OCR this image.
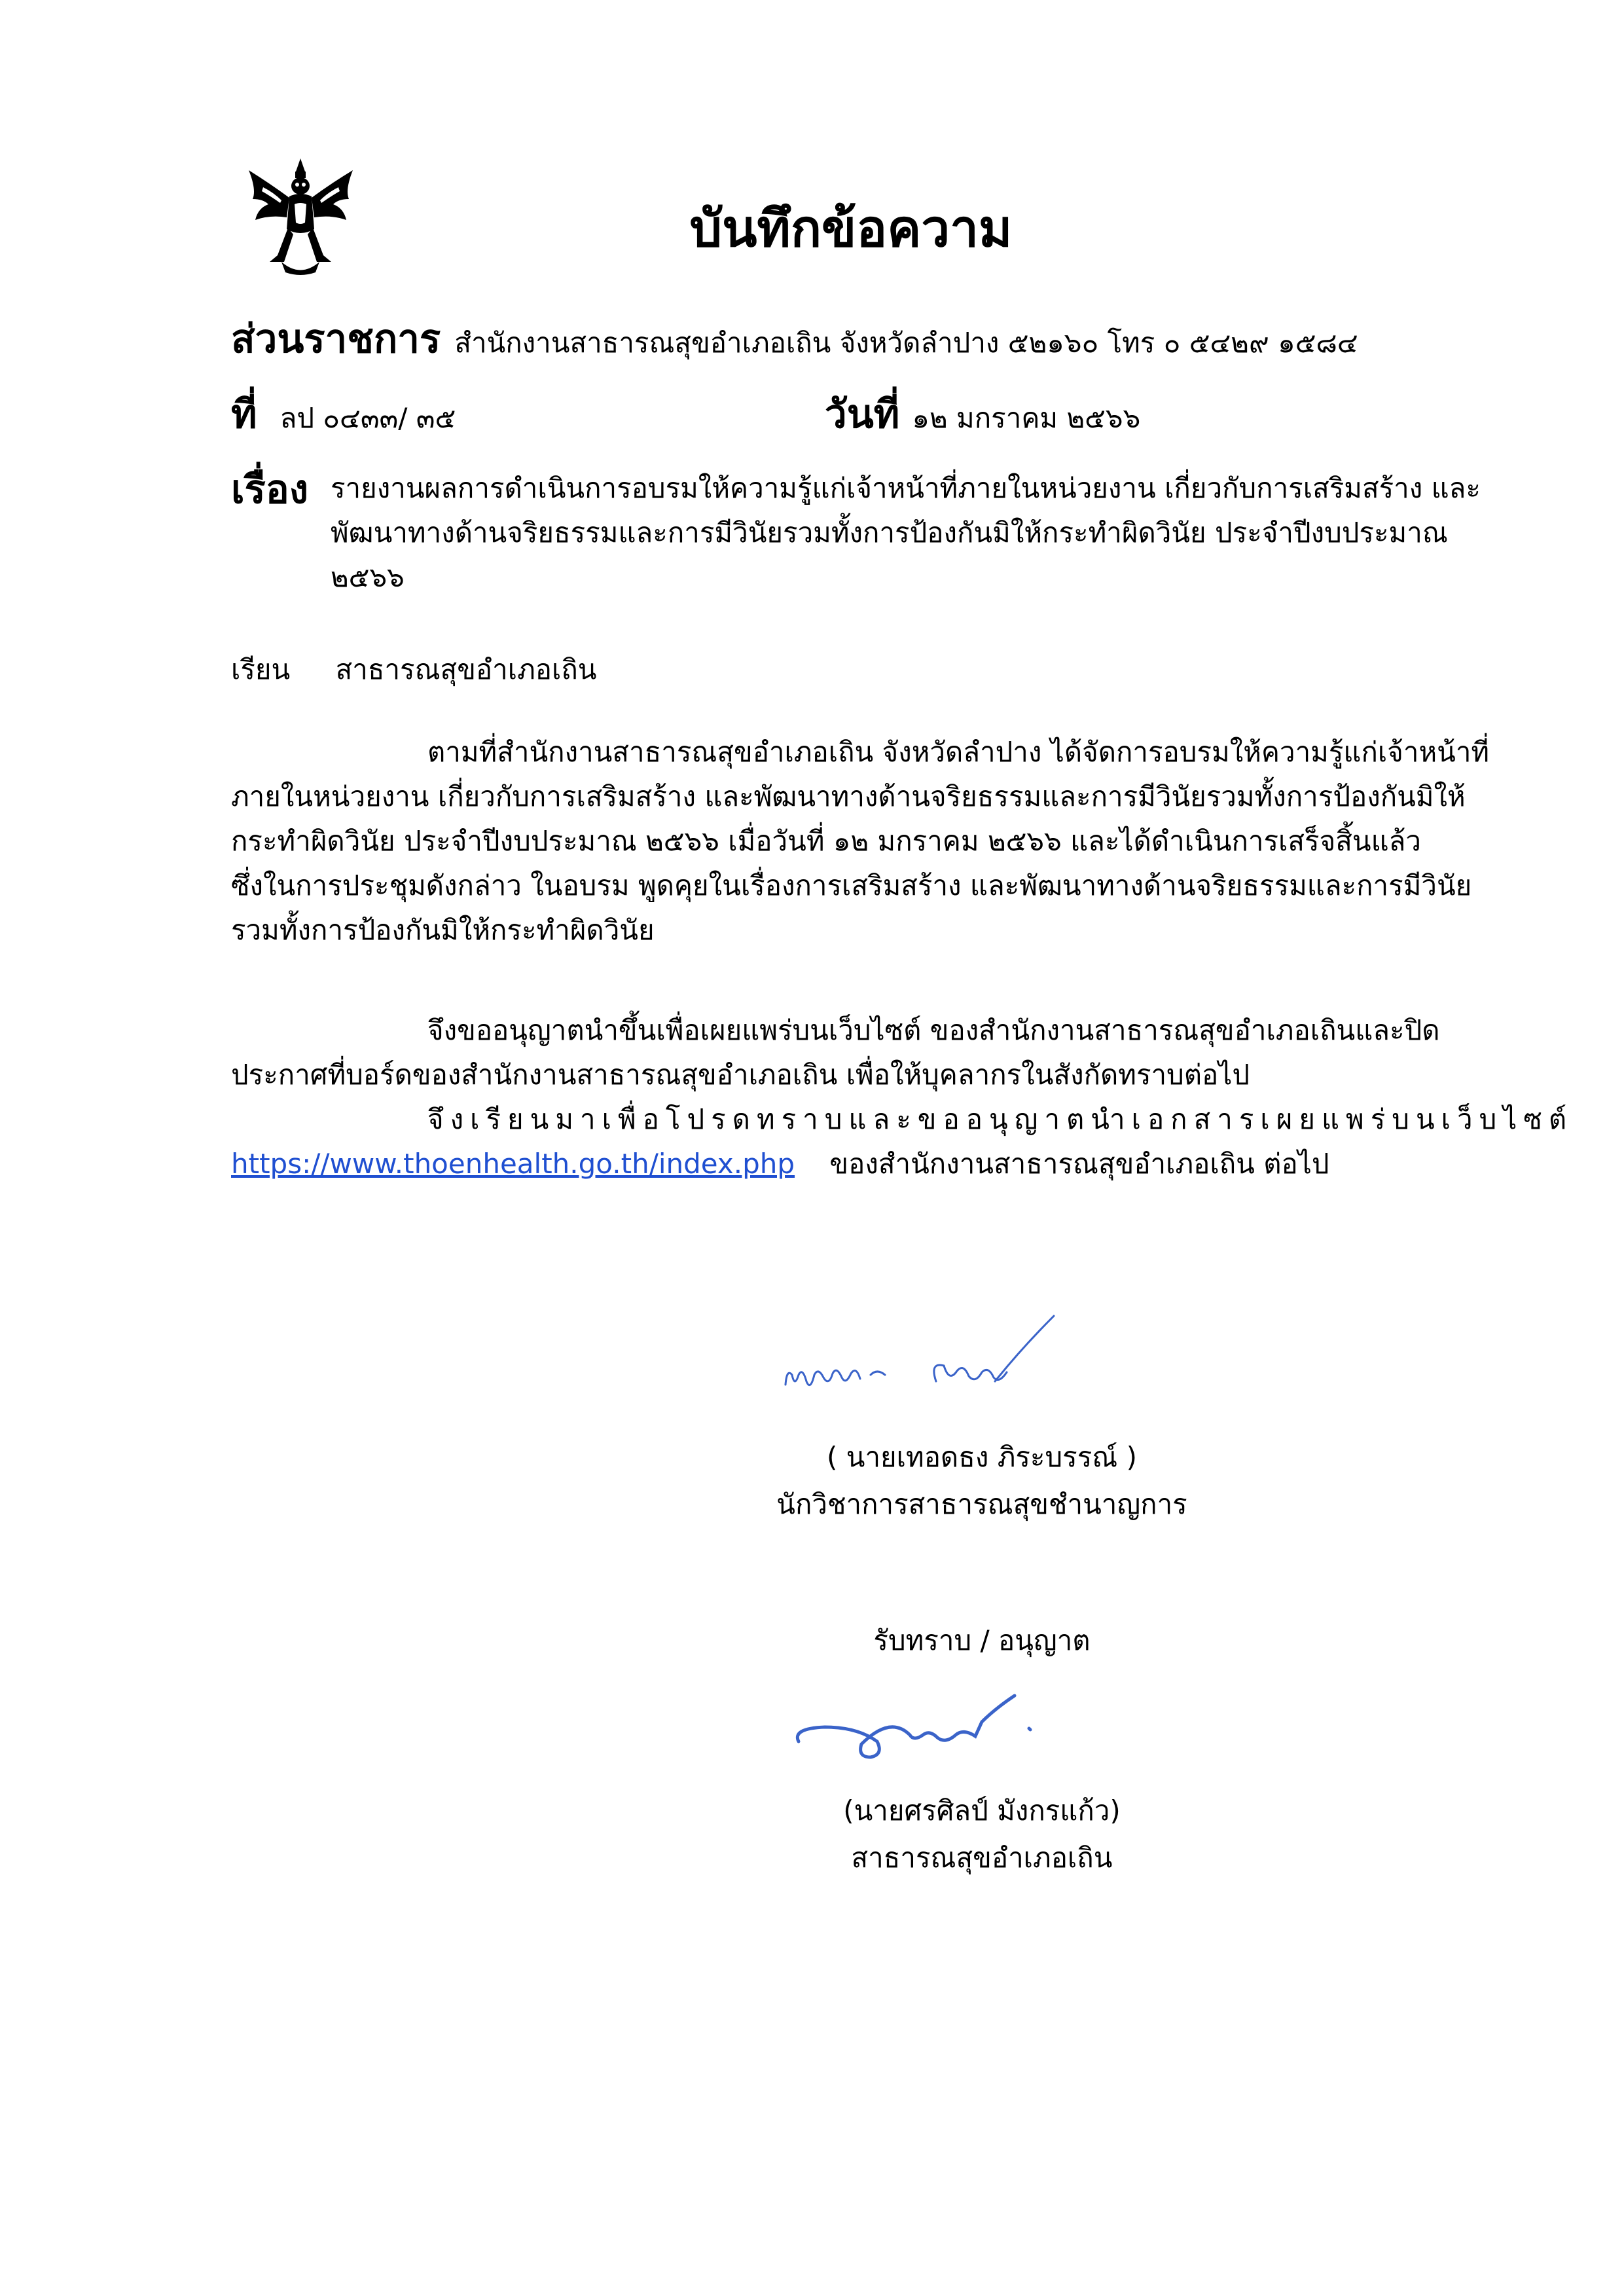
บันทึกข้อความ
ส่วนราชการ สำนักงานสาธารณสุขอำเภอเถิน จังหวัดลำปาง ๕๒๑๖๐ โทร ๐ ๕๔๒๙ ๑๕๘๔
ที่ ลป ๐๔๓๓/ ๓๕	วันที่ ๑๒ มกราคม ๒๕๖๖
เรื่อง รายงานผลการดำเนินการอบรมให้ความรู้แก่เจ้าหน้าที่ภายในหน่วยงาน เกี่ยวกับการเสริมสร้าง และ
พัฒนาทางด้านจริยธรรมและการมีวินัยรวมทั้งการป้องกันมิให้กระทำผิดวินัย ประจำปีงบประมาณ
๒๕๖๖
เรียน สาธารณสุขอำเภอเถิน
ตามที่สำนักงานสาธารณสุขอำเภอเถิน จังหวัดลำปาง ได้จัดการอบรมให้ความรู้แก่เจ้าหน้าที่
ภายในหน่วยงาน เกี่ยวกับการเสริมสร้าง และพัฒนาทางด้านจริยธรรมและการมีวินัยรวมทั้งการป้องกันมิให้
กระทำผิดวินัย ประจำปีงบประมาณ ๒๕๖๖ เมื่อวันที่ ๑๒ มกราคม ๒๕๖๖ และได้ดำเนินการเสร็จสิ้นแล้ว
ซึ่งในการประชุมดังกล่าว ในอบรม พูดคุยในเรื่องการเสริมสร้าง และพัฒนาทางด้านจริยธรรมและการมีวินัย
รวมทั้งการป้องกันมิให้กระทำผิดวินัย
จึงขออนุญาตนำขึ้นเพื่อเผยแพร่บนเว็บไซต์ ของสำนักงานสาธารณสุขอำเภอเถินและปิด
ประกาศที่บอร์ดของสำนักงานสาธารณสุขอำเภอเถิน เพื่อให้บุคลากรในสังกัดทราบต่อไป
จึงเรียนมาเพื่อโปรดทราบและขออนุญาตนำเอกสารเผยแพร่บนเว็บไซต์
https://www.thoenhealth.go.th/index.php ของสำนักงานสาธารณสุขอำเภอเถิน ต่อไป
( นายเทอดธง ภิระบรรณ์ )
นักวิชาการสาธารณสุขชำนาญการ
รับทราบ / อนุญาต
(นายศรศิลป์ มังกรแก้ว)
สาธารณสุขอำเภอเถิน
